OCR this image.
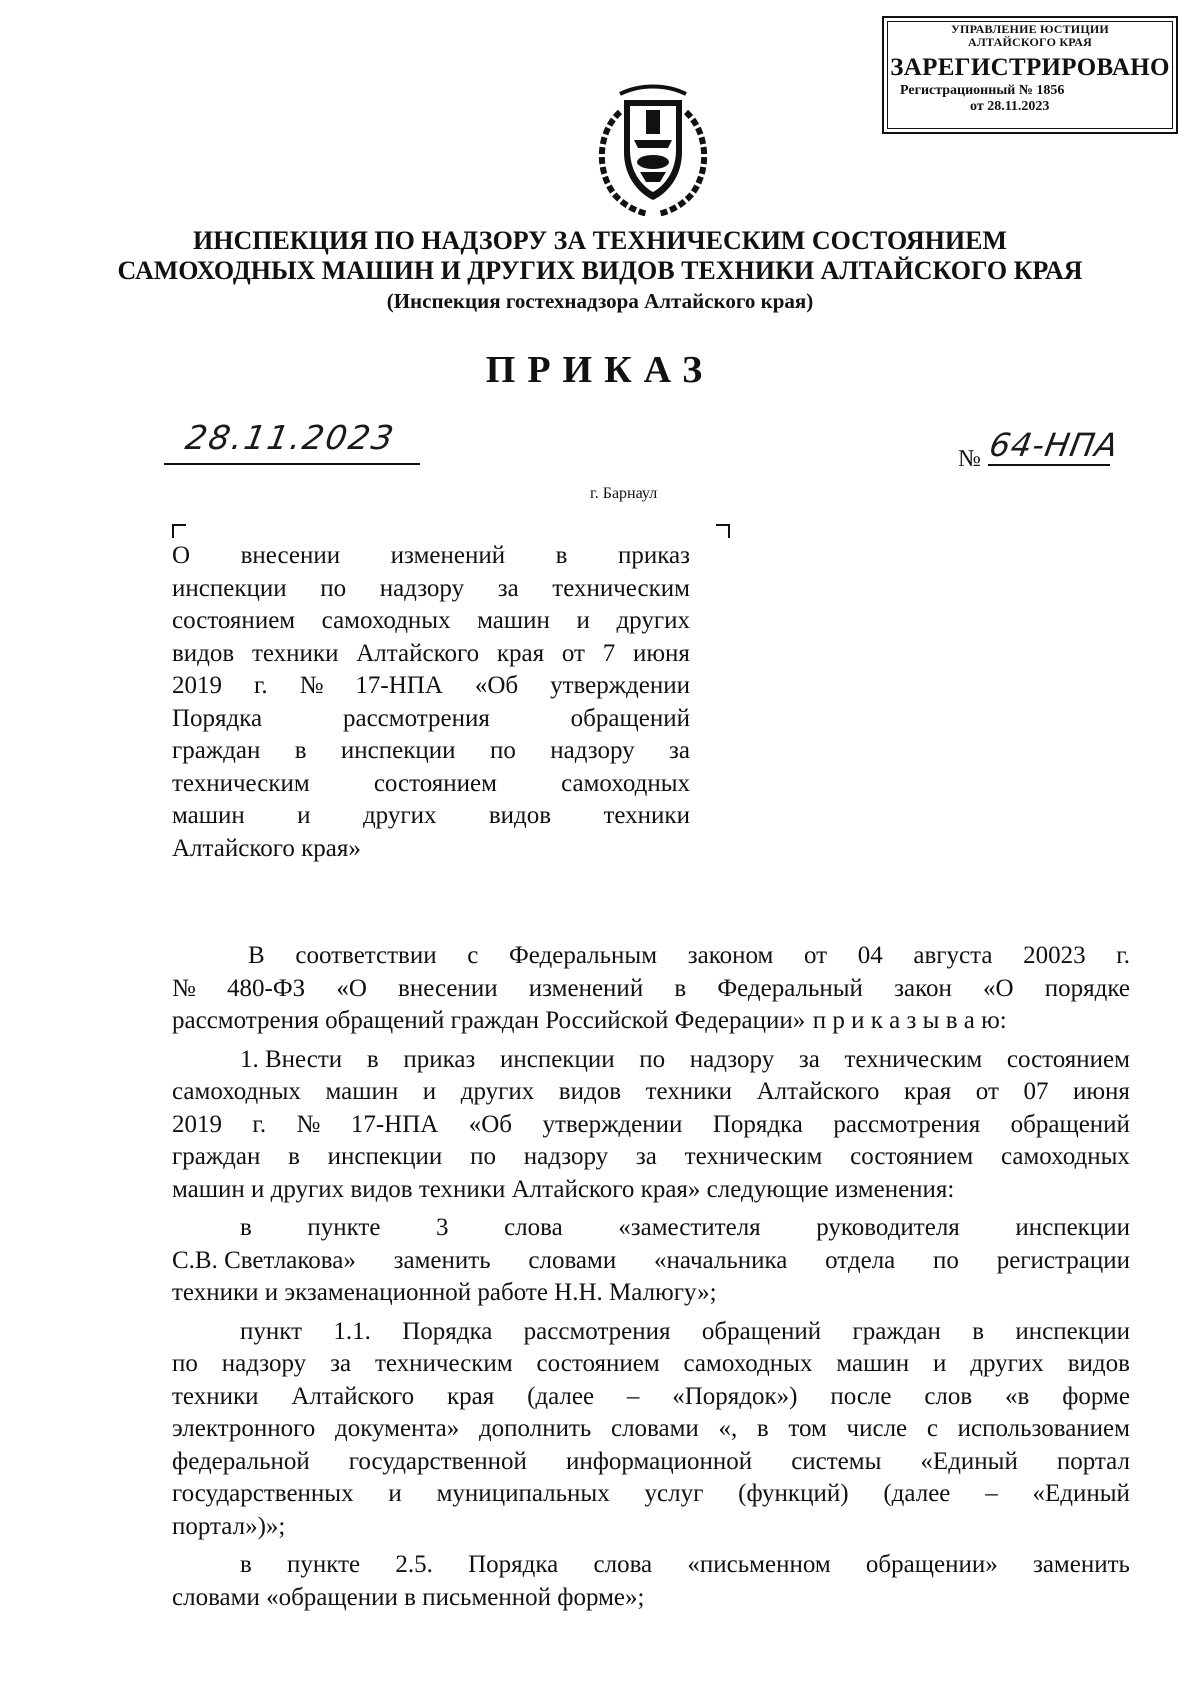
УПРАВЛЕНИЕ ЮСТИЦИИ
АЛТАЙСКОГО КРАЯ
ЗАРЕГИСТРИРОВАНО
Регистрационный № 1856
от 28.11.2023
ИНСПЕКЦИЯ ПО НАДЗОРУ ЗА ТЕХНИЧЕСКИМ СОСТОЯНИЕМ
САМОХОДНЫХ МАШИН И ДРУГИХ ВИДОВ ТЕХНИКИ АЛТАЙСКОГО КРАЯ
(Инспекция гостехнадзора Алтайского края)
ПРИКАЗ
28.11.2023
№ 64-НПА
г. Барнаул
О внесении изменений в приказ
инспекции по надзору за техническим
состоянием самоходных машин и других
видов техники Алтайского края от 7 июня
2019 г. № 17-НПА «Об утверждении
Порядка	рассмотрения	обращений
граждан в инспекции по надзору за
техническим	состоянием	самоходных
машин и других видов техники
Алтайского края»
В соответствии с Федеральным законом от 04 августа 20023 г.
№ 480-ФЗ «О внесении изменений в Федеральный закон «О порядке
рассмотрения обращений граждан Российской Федерации» п р и к а з ы в а ю:
1. Внести в приказ инспекции по надзору за техническим состоянием
самоходных машин и других видов техники Алтайского края от 07 июня
2019 г. № 17-НПА «Об утверждении Порядка рассмотрения обращений
граждан в инспекции по надзору за техническим состоянием самоходных
машин и других видов техники Алтайского края» следующие изменения:
в пункте 3 слова «заместителя руководителя инспекции
С.В. Светлакова» заменить словами «начальника отдела по регистрации
техники и экзаменационной работе Н.Н. Малюгу»;
пункт 1.1. Порядка рассмотрения обращений граждан в инспекции
по надзору за техническим состоянием самоходных машин и других видов
техники Алтайского края (далее – «Порядок») после слов «в форме
электронного документа» дополнить словами «, в том числе с использованием
федеральной государственной информационной системы «Единый портал
государственных и муниципальных услуг (функций) (далее – «Единый
портал»)»;
в пункте 2.5. Порядка слова «письменном обращении» заменить
словами «обращении в письменной форме»;
